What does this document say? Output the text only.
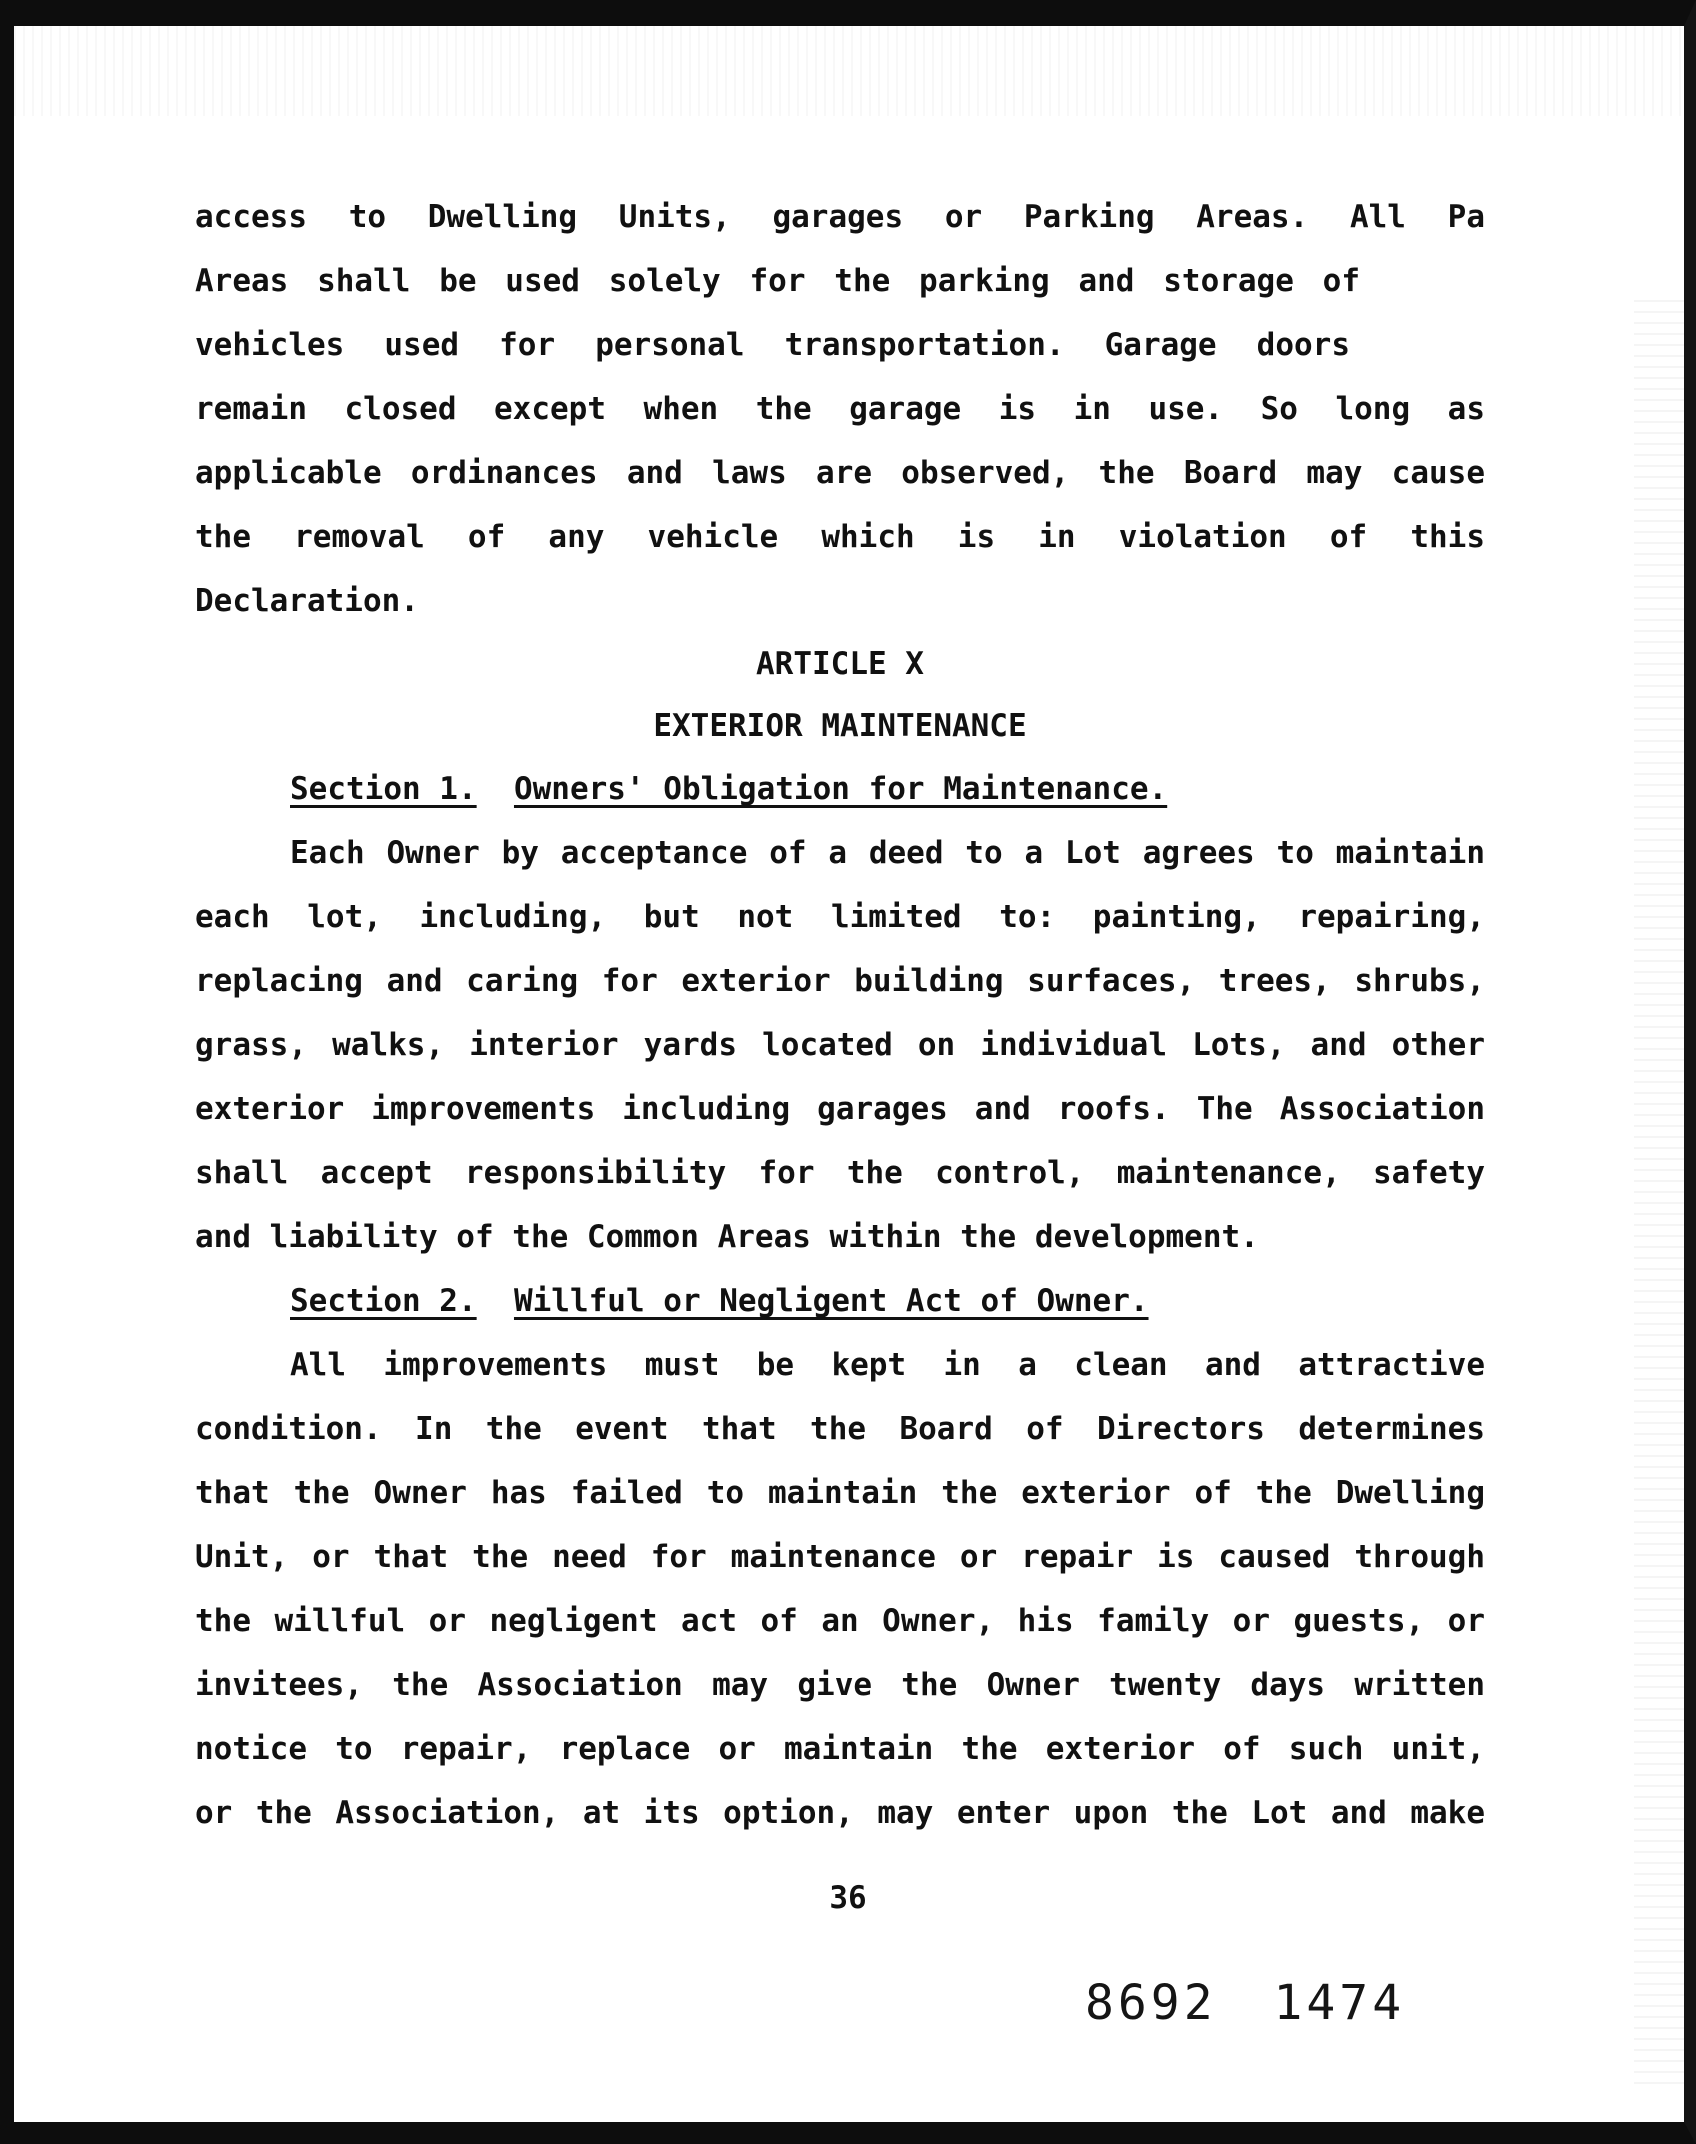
access to Dwelling Units, garages or Parking Areas. All Pa
Areas shall be used solely for the parking and storage of
vehicles used for personal transportation. Garage doors
remain closed except when the garage is in use. So long as
applicable ordinances and laws are observed, the Board may cause
the removal of any vehicle which is in violation of this
Declaration.
ARTICLE X
EXTERIOR MAINTENANCE
Section 1. Owners' Obligation for Maintenance.
Each Owner by acceptance of a deed to a Lot agrees to maintain
each lot, including, but not limited to: painting, repairing,
replacing and caring for exterior building surfaces, trees, shrubs,
grass, walks, interior yards located on individual Lots, and other
exterior improvements including garages and roofs. The Association
shall accept responsibility for the control, maintenance, safety
and liability of the Common Areas within the development.
Section 2. Willful or Negligent Act of Owner.
All improvements must be kept in a clean and attractive
condition. In the event that the Board of Directors determines
that the Owner has failed to maintain the exterior of the Dwelling
Unit, or that the need for maintenance or repair is caused through
the willful or negligent act of an Owner, his family or guests, or
invitees, the Association may give the Owner twenty days written
notice to repair, replace or maintain the exterior of such unit,
or the Association, at its option, may enter upon the Lot and make
36
8692 1474
